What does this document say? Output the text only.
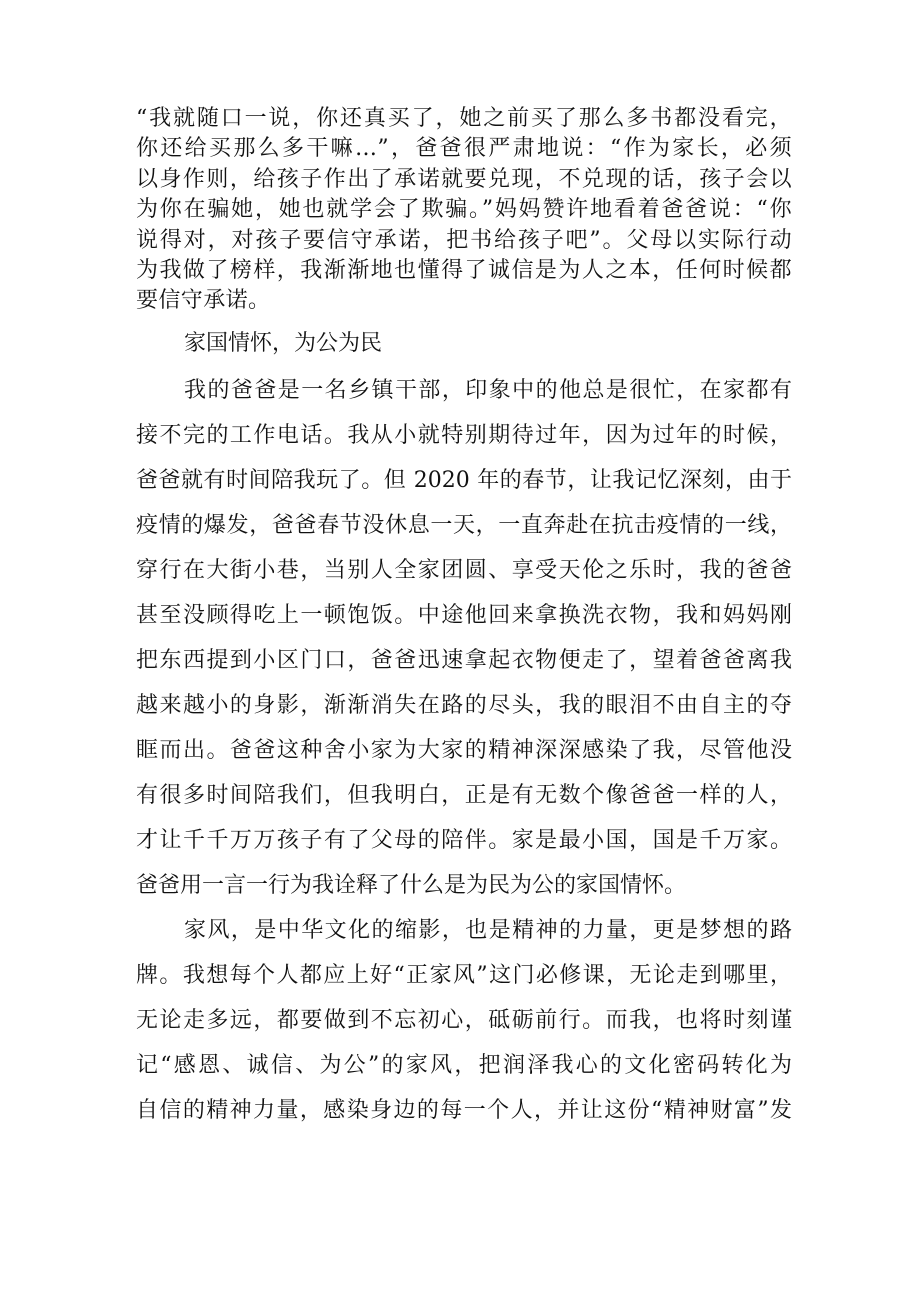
“我就随口一说，你还真买了，她之前买了那么多书都没看完，
你还给买那么多干嘛…”，爸爸很严肃地说：“作为家长，必须
以身作则，给孩子作出了承诺就要兑现，不兑现的话，孩子会以
为你在骗她，她也就学会了欺骗。”妈妈赞许地看着爸爸说：“你
说得对，对孩子要信守承诺，把书给孩子吧”。父母以实际行动
为我做了榜样，我渐渐地也懂得了诚信是为人之本，任何时候都
要信守承诺。
家国情怀，为公为民
我的爸爸是一名乡镇干部，印象中的他总是很忙，在家都有
接不完的工作电话。我从小就特别期待过年，因为过年的时候，
爸爸就有时间陪我玩了。但 2020 年的春节，让我记忆深刻，由于
疫情的爆发，爸爸春节没休息一天，一直奔赴在抗击疫情的一线，
穿行在大街小巷，当别人全家团圆、享受天伦之乐时，我的爸爸
甚至没顾得吃上一顿饱饭。中途他回来拿换洗衣物，我和妈妈刚
把东西提到小区门口，爸爸迅速拿起衣物便走了，望着爸爸离我
越来越小的身影，渐渐消失在路的尽头，我的眼泪不由自主的夺
眶而出。爸爸这种舍小家为大家的精神深深感染了我，尽管他没
有很多时间陪我们，但我明白，正是有无数个像爸爸一样的人，
才让千千万万孩子有了父母的陪伴。家是最小国，国是千万家。
爸爸用一言一行为我诠释了什么是为民为公的家国情怀。
家风，是中华文化的缩影，也是精神的力量，更是梦想的路
牌。我想每个人都应上好“正家风”这门必修课，无论走到哪里，
无论走多远，都要做到不忘初心，砥砺前行。而我，也将时刻谨
记“感恩、诚信、为公”的家风，把润泽我心的文化密码转化为
自信的精神力量，感染身边的每一个人，并让这份“精神财富”发
